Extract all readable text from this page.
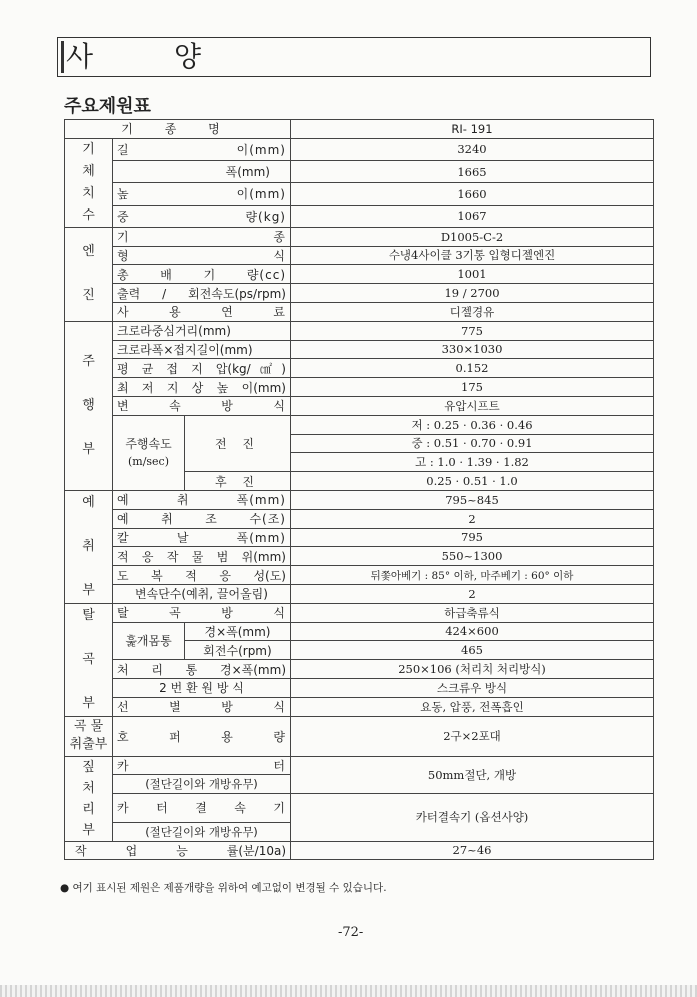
사 양
주요제원표
기 종 명			RI- 191
기
체
치
수	길 이(mm)		3240
	폭(mm)		1665
	높 이(mm)		1660
	중 량(kg)		1067
엔

진	기 종		D1005-C-2
	형 식		수냉4사이클 3기통 입형디젤엔진
	총 배 기 량(cc)		1001
	출력 / 회전속도(ps/rpm)		19 / 2700
	사 용 연 료		디젤경유
주

행

부	크로라중심거리(mm)		775
	크로라폭×접지길이(mm)		330×1030
	평 균 접 지 압(kg/㎠)		0.152
	최 저 지 상 높 이(mm)		175
	변 속 방 식		유압시프트

	주행속도
(m/sec)	전 진	저 : 0.25 · 0.36 · 0.46
			중 : 0.51 · 0.70 · 0.91
			고 : 1.0 · 1.39 · 1.82
		후 진	0.25 · 0.51 · 1.0
예

취

부	예 취 폭(mm)		795~845
	예 취 조 수(조)		2
	칼 날 폭(mm)		795
	적 응 작 물 범 위(mm)		550~1300
	도 복 적 응 성(도)		뒤쫓아베기 : 85° 이하, 마주베기 : 60° 이하
	변속단수(예취, 끌어올림)		2
탈

곡

부	탈 곡 방 식		하급축류식
	훑개몸통	경×폭(mm)	424×600
		회전수(rpm)	465
	처 리 통 경×폭(mm)		250×106 (처리치 처리방식)
	2 번 환 원 방 식		스크류우 방식
	선 별 방 식		요동, 압풍, 전폭흡인
곡 물
취출부	호 퍼 용 량		2구×2포대
짚
처
리
부	카 터		50mm절단, 개방
	(절단길이와 개방유무)		
	카 터 결 속 기		카터결속기 (옵션사양)
	(절단길이와 개방유무)		
작 업 능 률(분/10a)			27~46
● 여기 표시된 제원은 제품개량을 위하여 예고없이 변경될 수 있습니다.
-72-
